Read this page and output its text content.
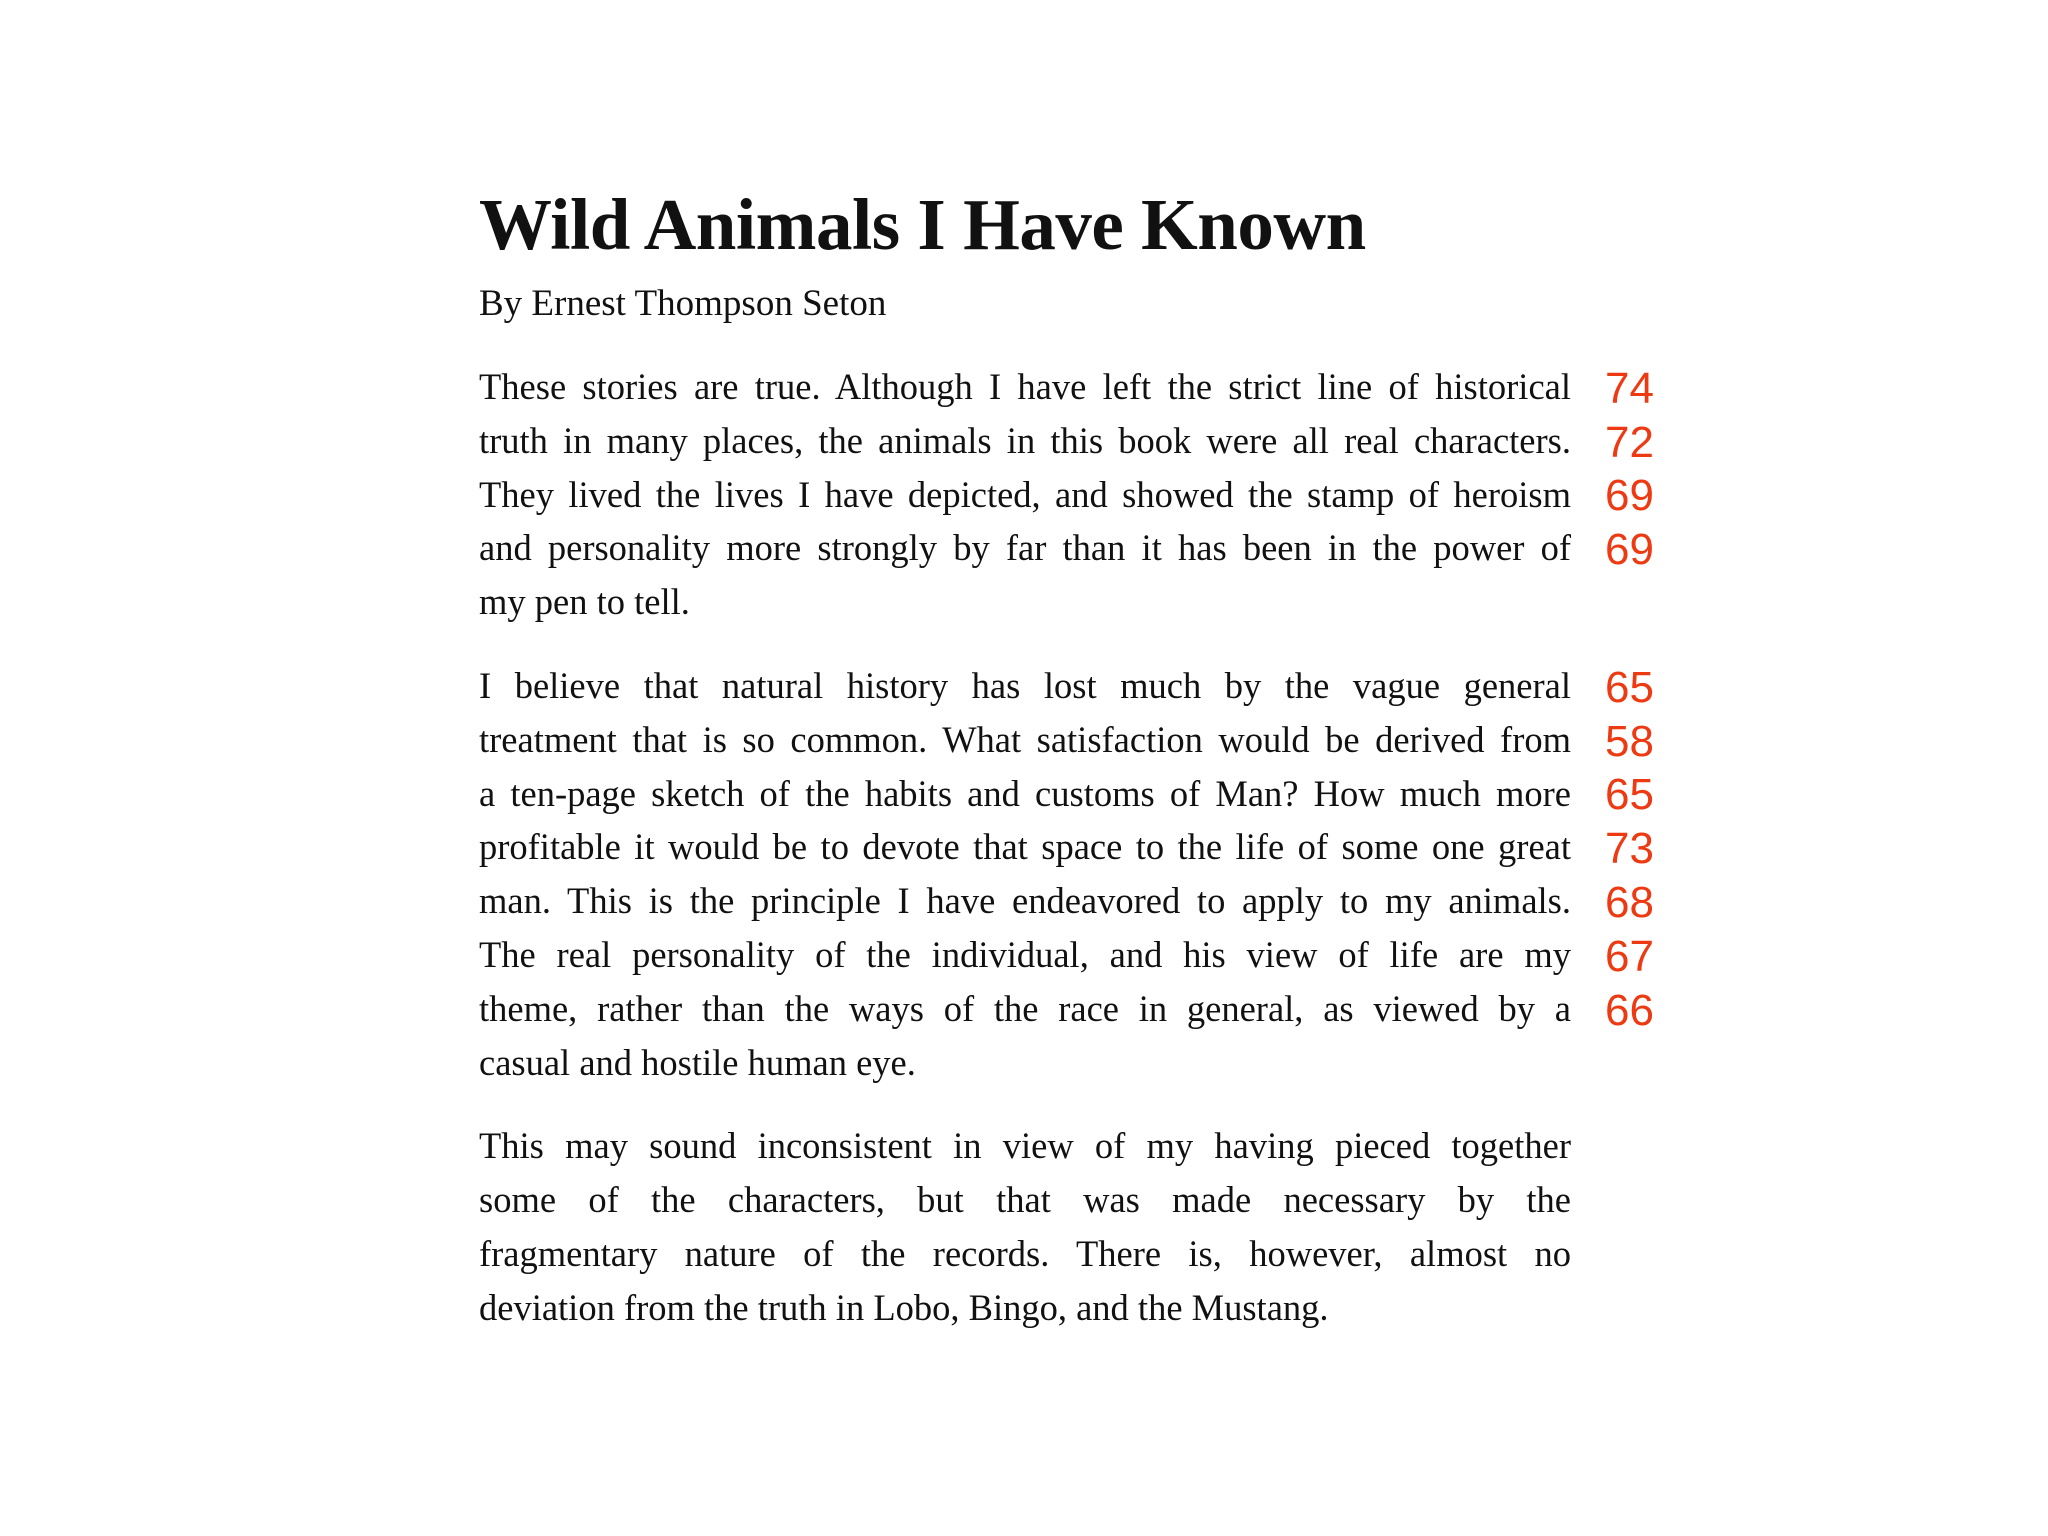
Wild Animals I Have Known
By Ernest Thompson Seton

These stories are true. Although I have left the strict line of historical 74
truth in many places, the animals in this book were all real characters. 72
They lived the lives I have depicted, and showed the stamp of heroism 69
and personality more strongly by far than it has been in the power of 69
my pen to tell.

I believe that natural history has lost much by the vague general 65
treatment that is so common. What satisfaction would be derived from 58
a ten-page sketch of the habits and customs of Man? How much more 65
profitable it would be to devote that space to the life of some one great 73
man. This is the principle I have endeavored to apply to my animals. 68
The real personality of the individual, and his view of life are my 67
theme, rather than the ways of the race in general, as viewed by a 66
casual and hostile human eye.

This may sound inconsistent in view of my having pieced together
some of the characters, but that was made necessary by the
fragmentary nature of the records. There is, however, almost no
deviation from the truth in Lobo, Bingo, and the Mustang.
